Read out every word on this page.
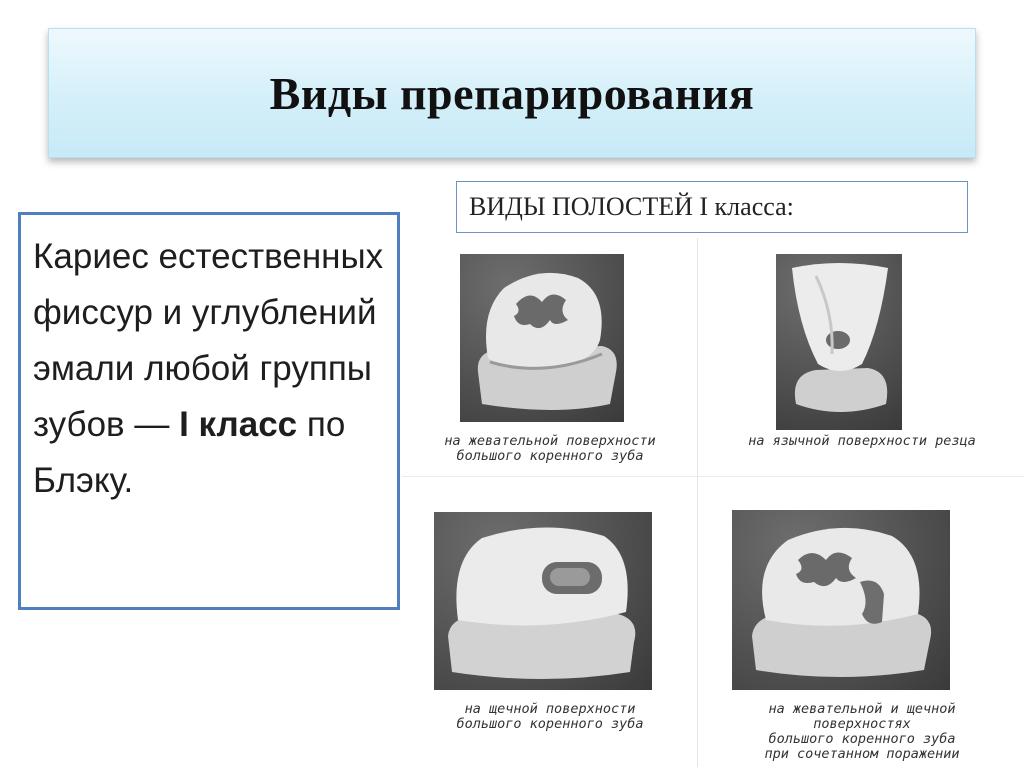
Виды препарирования

Кариес естественных фиссур и углублений эмали любой группы зубов — I класс по Блэку.

ВИДЫ ПОЛОСТЕЙ I класса:
на жевательной поверхности
большого коренного зуба
на язычной поверхности резца
на щечной поверхности
большого коренного зуба
на жевательной и щечной
поверхностях
большого коренного зуба
при сочетанном поражении
